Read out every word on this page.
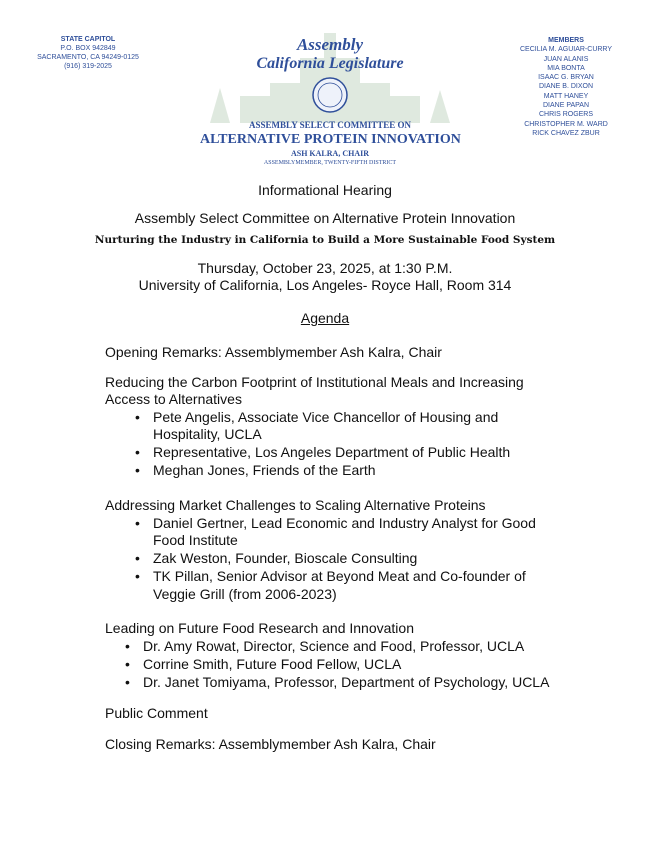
STATE CAPITOL
P.O. BOX 942849
SACRAMENTO, CA 94249-0125
(916) 319-2025
Assembly
California Legislature
ASSEMBLY SELECT COMMITTEE ON
ALTERNATIVE PROTEIN INNOVATION
ASH KALRA, CHAIR
ASSEMBLYMEMBER, TWENTY-FIFTH DISTRICT
MEMBERS
CECILIA M. AGUIAR-CURRY
JUAN ALANIS
MIA BONTA
ISAAC G. BRYAN
DIANE B. DIXON
MATT HANEY
DIANE PAPAN
CHRIS ROGERS
CHRISTOPHER M. WARD
RICK CHAVEZ ZBUR
Informational Hearing
Assembly Select Committee on Alternative Protein Innovation
Nurturing the Industry in California to Build a More Sustainable Food System
Thursday, October 23, 2025, at 1:30 P.M.
University of California, Los Angeles- Royce Hall, Room 314
Agenda
Opening Remarks: Assemblymember Ash Kalra, Chair
Reducing the Carbon Footprint of Institutional Meals and Increasing
Access to Alternatives
• Pete Angelis, Associate Vice Chancellor of Housing and
Hospitality, UCLA
• Representative, Los Angeles Department of Public Health
• Meghan Jones, Friends of the Earth
Addressing Market Challenges to Scaling Alternative Proteins
• Daniel Gertner, Lead Economic and Industry Analyst for Good
Food Institute
• Zak Weston, Founder, Bioscale Consulting
• TK Pillan, Senior Advisor at Beyond Meat and Co-founder of
Veggie Grill (from 2006-2023)
Leading on Future Food Research and Innovation
• Dr. Amy Rowat, Director, Science and Food, Professor, UCLA
• Corrine Smith, Future Food Fellow, UCLA
• Dr. Janet Tomiyama, Professor, Department of Psychology, UCLA
Public Comment
Closing Remarks: Assemblymember Ash Kalra, Chair
